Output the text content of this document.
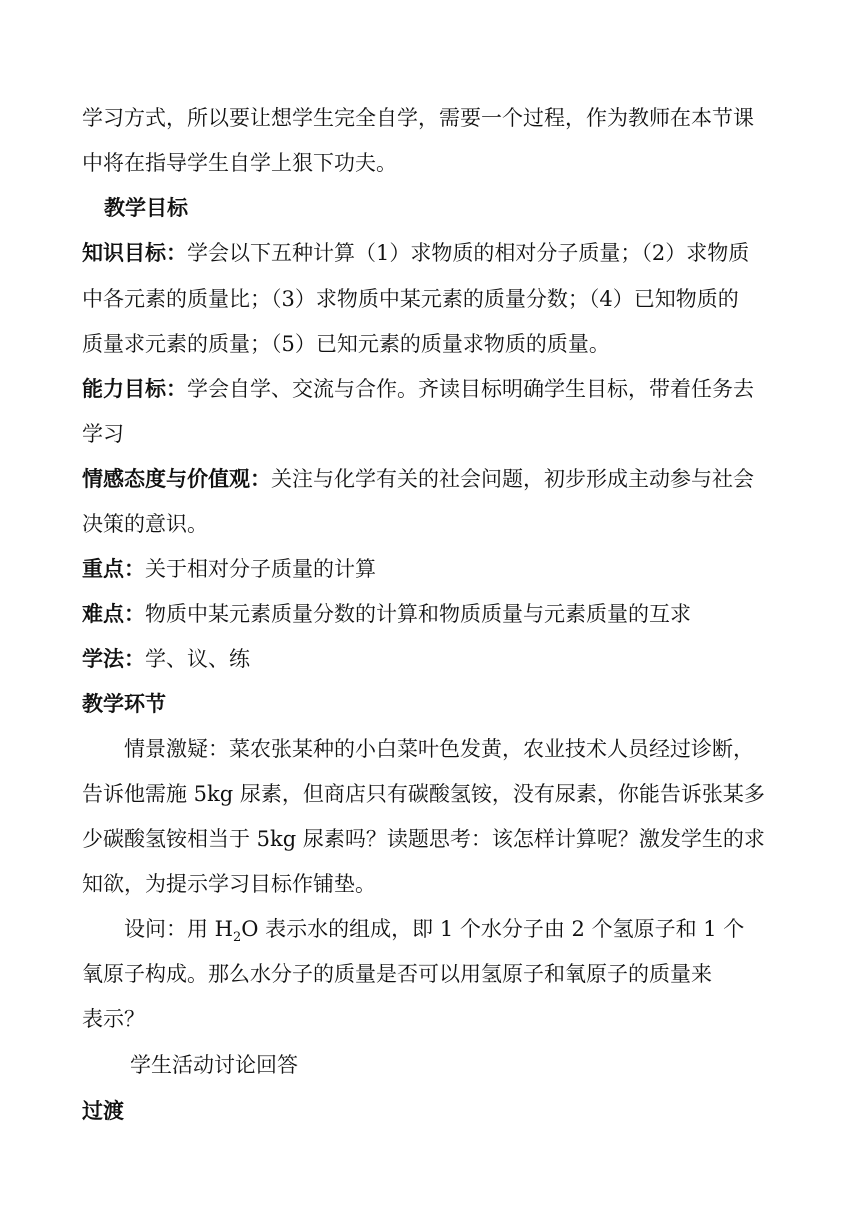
学习方式，所以要让想学生完全自学，需要一个过程，作为教师在本节课
中将在指导学生自学上狠下功夫。
教学目标
知识目标：学会以下五种计算（1）求物质的相对分子质量；（2）求物质
中各元素的质量比；（3）求物质中某元素的质量分数；（4）已知物质的
质量求元素的质量；（5）已知元素的质量求物质的质量。
能力目标：学会自学、交流与合作。齐读目标明确学生目标，带着任务去
学习
情感态度与价值观：关注与化学有关的社会问题，初步形成主动参与社会
决策的意识。
重点：关于相对分子质量的计算
难点：物质中某元素质量分数的计算和物质质量与元素质量的互求
学法：学、议、练
教学环节
情景激疑：菜农张某种的小白菜叶色发黄，农业技术人员经过诊断，
告诉他需施 5kg 尿素，但商店只有碳酸氢铵，没有尿素，你能告诉张某多
少碳酸氢铵相当于 5kg 尿素吗？读题思考：该怎样计算呢？激发学生的求
知欲，为提示学习目标作铺垫。
设问：用 $H_2O$ 表示水的组成，即 1 个水分子由 2 个氢原子和 1 个
氧原子构成。那么水分子的质量是否可以用氢原子和氧原子的质量来
表示？
学生活动讨论回答
过渡
